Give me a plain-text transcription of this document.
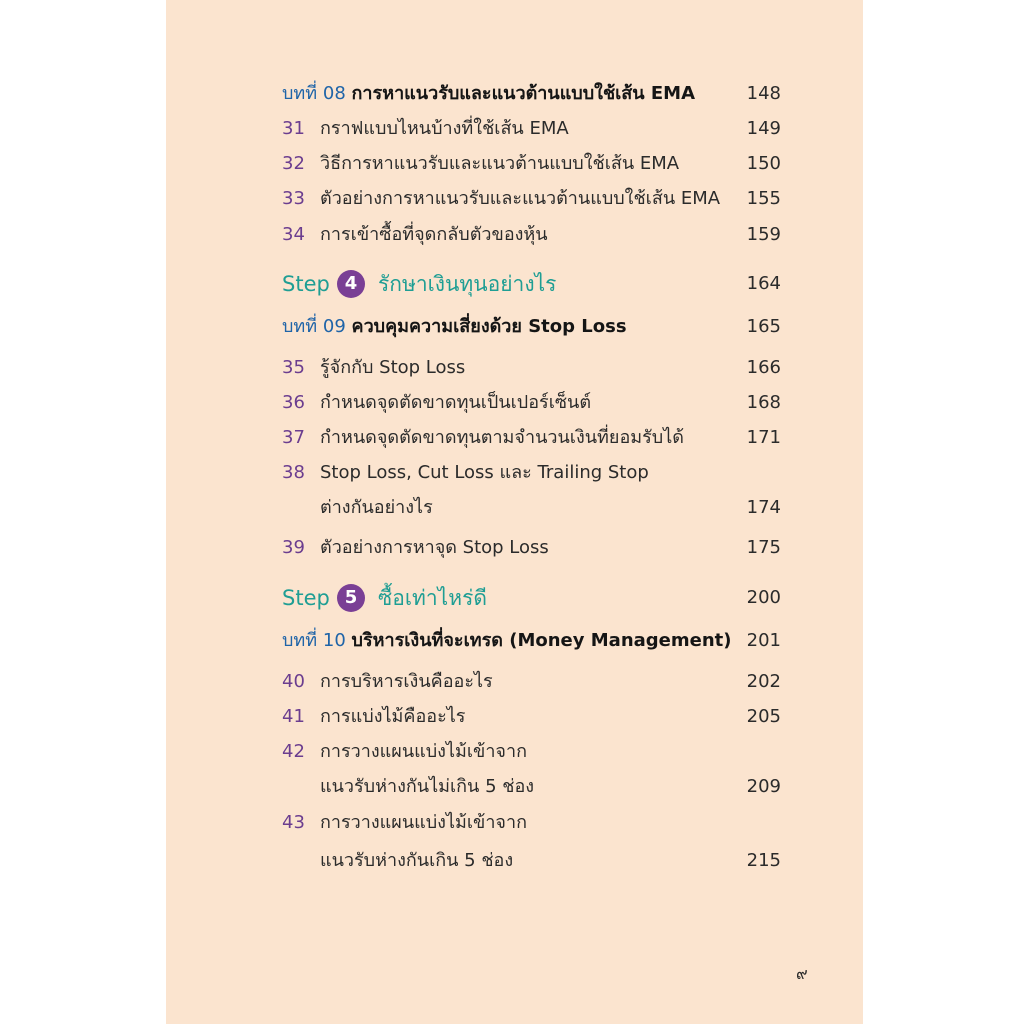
บทที่ 08 การหาแนวรับและแนวต้านแบบใช้เส้น EMA	148
31 กราฟแบบไหนบ้างที่ใช้เส้น EMA	149
32 วิธีการหาแนวรับและแนวต้านแบบใช้เส้น EMA	150
33 ตัวอย่างการหาแนวรับและแนวต้านแบบใช้เส้น EMA 155
34 การเข้าซื้อที่จุดกลับตัวของหุ้น	159
Step 4 รักษาเงินทุนอย่างไร	164
บทที่ 09 ควบคุมความเสี่ยงด้วย Stop Loss	165
35 รู้จักกับ Stop Loss	166
36 กำหนดจุดตัดขาดทุนเป็นเปอร์เซ็นต์	168
37 กำหนดจุดตัดขาดทุนตามจำนวนเงินที่ยอมรับได้	171
38 Stop Loss, Cut Loss และ Trailing Stop
ต่างกันอย่างไร	174
39 ตัวอย่างการหาจุด Stop Loss	175
Step 5 ซื้อเท่าไหร่ดี	200
บทที่ 10 บริหารเงินที่จะเทรด (Money Management) 201
40 การบริหารเงินคืออะไร	202
41 การแบ่งไม้คืออะไร	205
42 การวางแผนแบ่งไม้เข้าจาก
แนวรับห่างกันไม่เกิน 5 ช่อง	209
43 การวางแผนแบ่งไม้เข้าจาก
แนวรับห่างกันเกิน 5 ช่อง	215
๙
